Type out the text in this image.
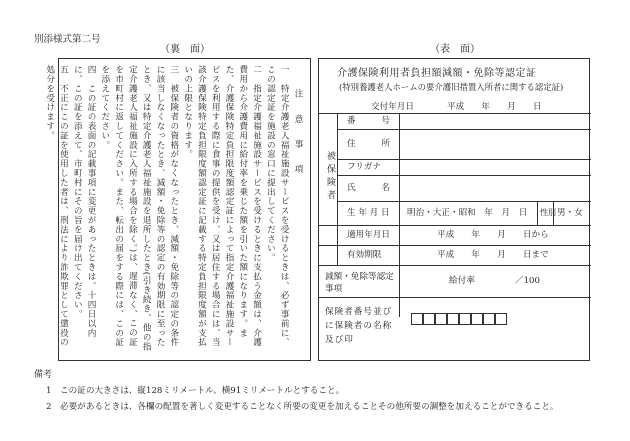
別添様式第二号
（裏　面）	（表　面）
注　意　事　項
一　特定介護老人福祉施設サービスを受けるときは、必ず事前に、この認定証を施設の窓口に提出してください。
二　指定介護福祉施設サービスを受けるときに支払う金額は、介護費用から介護費用に給付率を乗じた額を引いた額になります。また、介護保険特定負担限度額認定証によって指定介護福祉施設サービスを利用する際に食事の提供を受け、又は居住する場合には、当該介護保険特定負担限度額認定証に記載する特定負担限度額が支払いの上限となります。
三　被保険者の資格がなくなったとき、減額・免除等の認定の条件に該当しなくなったとき、減額・免除等の認定の有効期限に至ったとき、又は特定介護老人福祉施設を退所したとき(引き続き、他の指定介護老人福祉施設に入所する場合を除く。)は、遅滞なく、この証を市町村に返してください。また、転出の届をする際には、この証を添えてください。
四　この証の表面の記載事項に変更があったときは、十四日以内に、この証を添えて、市町村にその旨を届け出てください。
五　不正にこの証を使用した者は、刑法により詐欺罪として懲役の処分を受けます。	介護保険利用者負担額減額・免除等認定証
(特別養護老人ホームの要介護旧措置入所者に関する認定証)
交付年月日	平成　　年　　月　　日
被保険者
番　　　号
住　　　所
フリガナ
氏　　　名
生 年 月 日 明治・大正・昭和　年　月　日 性別 男・女
適用年月日	平成　　年　　月　　日から
有効期限	平成　　年　　月　　日まで
減額・免除等認定事項
給付率	／100
保険者番号並びに保険者の名称及び印
備考
1　この証の大きさは、縦128ミリメートル、横91ミリメートルとすること。
2　必要があるときは、各欄の配置を著しく変更することなく所要の変更を加えることその他所要の調整を加えることができること。
